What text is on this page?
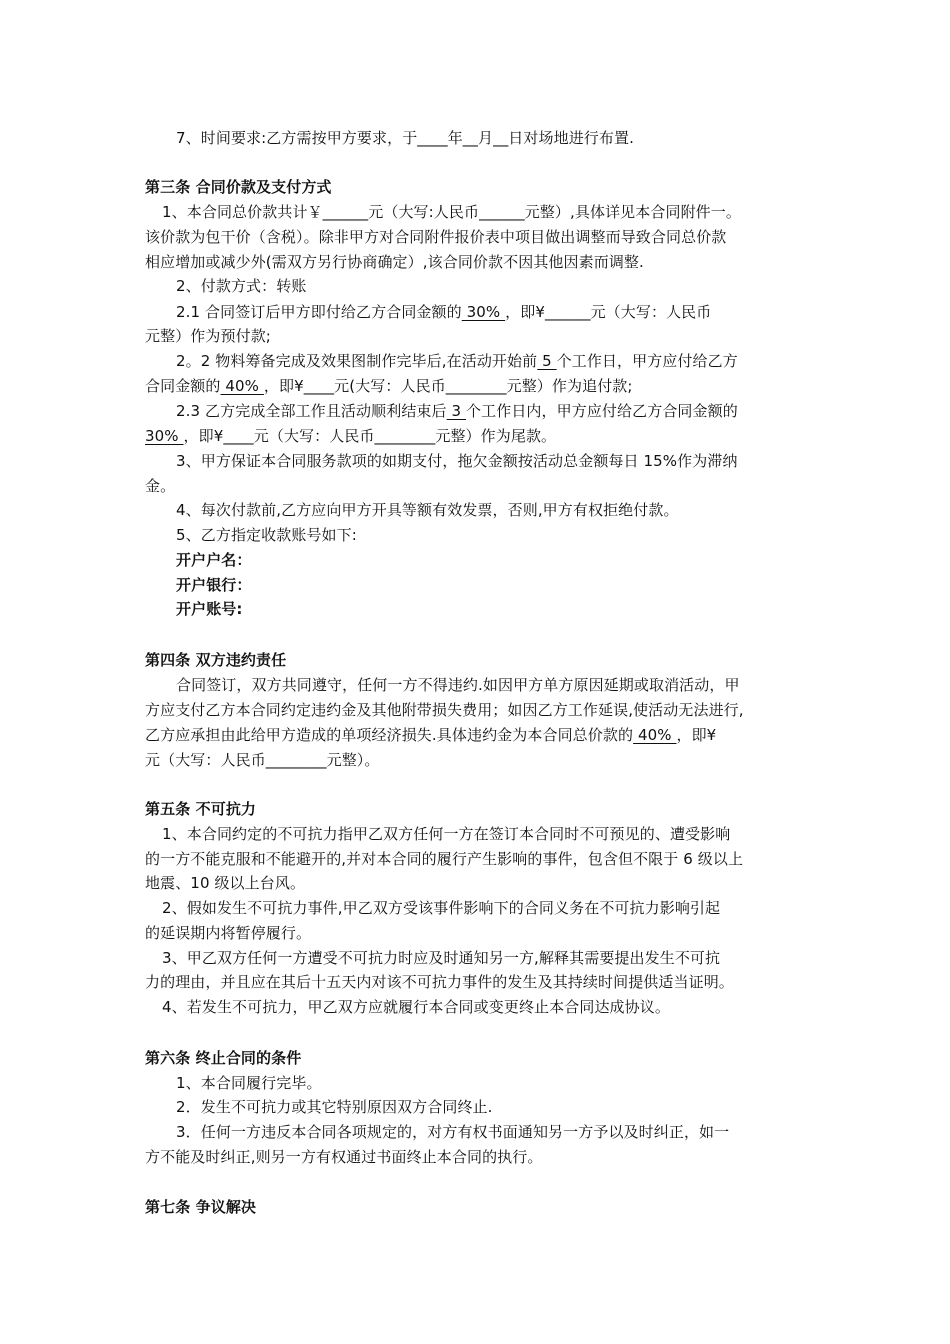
7、时间要求:乙方需按甲方要求，于____年__月__日对场地进行布置.
第三条 合同价款及支付方式
1、本合同总价款共计￥______元（大写:人民币______元整）,具体详见本合同附件一。
该价款为包干价（含税）。除非甲方对合同附件报价表中项目做出调整而导致合同总价款
相应增加或减少外(需双方另行协商确定）,该合同价款不因其他因素而调整.
2、付款方式：转账
2.1 合同签订后甲方即付给乙方合同金额的 30% ，即¥______元（大写：人民币
元整）作为预付款;
2。2 物料筹备完成及效果图制作完毕后,在活动开始前 5 个工作日，甲方应付给乙方
合同金额的 40% ，即¥____元(大写：人民币________元整）作为追付款;
2.3 乙方完成全部工作且活动顺利结束后 3 个工作日内，甲方应付给乙方合同金额的
30% ，即¥____元（大写：人民币________元整）作为尾款。
3、甲方保证本合同服务款项的如期支付，拖欠金额按活动总金额每日 15%作为滞纳
金。
4、每次付款前,乙方应向甲方开具等额有效发票，否则,甲方有权拒绝付款。
5、乙方指定收款账号如下:
开户户名：
开户银行：
开户账号:
第四条 双方违约责任
合同签订，双方共同遵守，任何一方不得违约.如因甲方单方原因延期或取消活动，甲
方应支付乙方本合同约定违约金及其他附带损失费用；如因乙方工作延误,使活动无法进行,
乙方应承担由此给甲方造成的单项经济损失.具体违约金为本合同总价款的 40% ，即¥
元（大写：人民币________元整）。
第五条 不可抗力
1、本合同约定的不可抗力指甲乙双方任何一方在签订本合同时不可预见的、遭受影响
的一方不能克服和不能避开的,并对本合同的履行产生影响的事件，包含但不限于 6 级以上
地震、10 级以上台风。
2、假如发生不可抗力事件,甲乙双方受该事件影响下的合同义务在不可抗力影响引起
的延误期内将暂停履行。
3、甲乙双方任何一方遭受不可抗力时应及时通知另一方,解释其需要提出发生不可抗
力的理由，并且应在其后十五天内对该不可抗力事件的发生及其持续时间提供适当证明。
4、若发生不可抗力，甲乙双方应就履行本合同或变更终止本合同达成协议。
第六条 终止合同的条件
1、本合同履行完毕。
2．发生不可抗力或其它特别原因双方合同终止.
3．任何一方违反本合同各项规定的，对方有权书面通知另一方予以及时纠正，如一
方不能及时纠正,则另一方有权通过书面终止本合同的执行。
第七条 争议解决
